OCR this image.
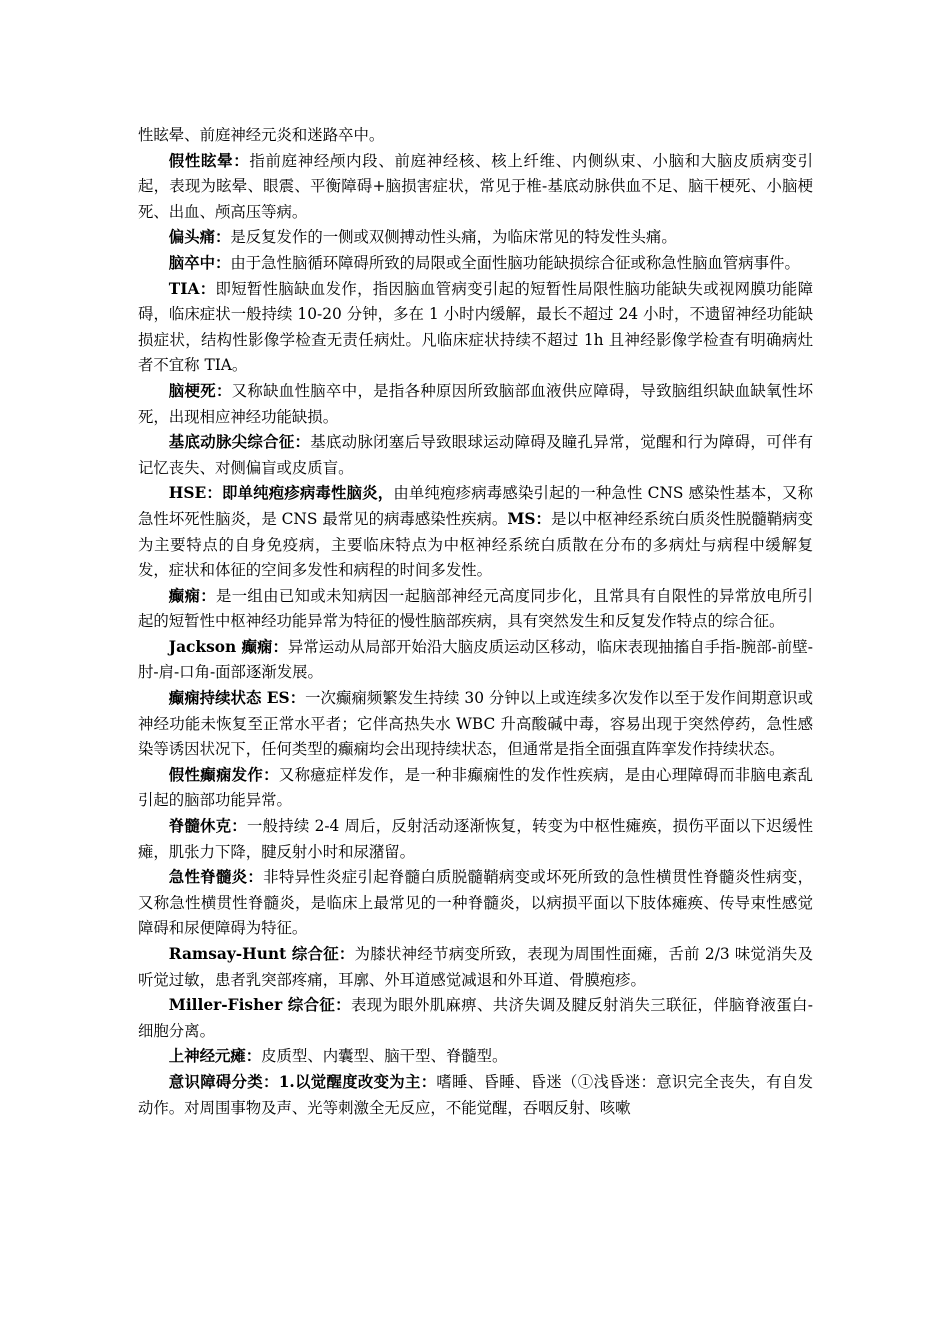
性眩晕、前庭神经元炎和迷路卒中。

假性眩晕：指前庭神经颅内段、前庭神经核、核上纤维、内侧纵束、小脑和大脑皮质病变引起，表现为眩晕、眼震、平衡障碍+脑损害症状，常见于椎-基底动脉供血不足、脑干梗死、小脑梗死、出血、颅高压等病。

偏头痛：是反复发作的一侧或双侧搏动性头痛，为临床常见的特发性头痛。

脑卒中：由于急性脑循环障碍所致的局限或全面性脑功能缺损综合征或称急性脑血管病事件。

TIA：即短暂性脑缺血发作，指因脑血管病变引起的短暂性局限性脑功能缺失或视网膜功能障碍，临床症状一般持续 10-20 分钟，多在 1 小时内缓解，最长不超过 24 小时，不遗留神经功能缺损症状，结构性影像学检查无责任病灶。凡临床症状持续不超过 1h 且神经影像学检查有明确病灶者不宜称 TIA。

脑梗死：又称缺血性脑卒中，是指各种原因所致脑部血液供应障碍，导致脑组织缺血缺氧性坏死，出现相应神经功能缺损。

基底动脉尖综合征：基底动脉闭塞后导致眼球运动障碍及瞳孔异常，觉醒和行为障碍，可伴有记忆丧失、对侧偏盲或皮质盲。

HSE：即单纯疱疹病毒性脑炎，由单纯疱疹病毒感染引起的一种急性 CNS 感染性基本，又称急性坏死性脑炎，是 CNS 最常见的病毒感染性疾病。MS：是以中枢神经系统白质炎性脱髓鞘病变为主要特点的自身免疫病，主要临床特点为中枢神经系统白质散在分布的多病灶与病程中缓解复发，症状和体征的空间多发性和病程的时间多发性。

癫痫：是一组由已知或未知病因一起脑部神经元高度同步化，且常具有自限性的异常放电所引起的短暂性中枢神经功能异常为特征的慢性脑部疾病，具有突然发生和反复发作特点的综合征。

Jackson 癫痫：异常运动从局部开始沿大脑皮质运动区移动，临床表现抽搐自手指-腕部-前壁-肘-肩-口角-面部逐渐发展。

癫痫持续状态 ES：一次癫痫频繁发生持续 30 分钟以上或连续多次发作以至于发作间期意识或神经功能未恢复至正常水平者；它伴高热失水 WBC 升高酸碱中毒，容易出现于突然停药，急性感染等诱因状况下，任何类型的癫痫均会出现持续状态，但通常是指全面强直阵挛发作持续状态。

假性癫痫发作：又称癔症样发作，是一种非癫痫性的发作性疾病，是由心理障碍而非脑电紊乱引起的脑部功能异常。

脊髓休克：一般持续 2-4 周后，反射活动逐渐恢复，转变为中枢性瘫痪，损伤平面以下迟缓性瘫，肌张力下降，腱反射小时和尿潴留。

急性脊髓炎：非特异性炎症引起脊髓白质脱髓鞘病变或坏死所致的急性横贯性脊髓炎性病变，又称急性横贯性脊髓炎，是临床上最常见的一种脊髓炎，以病损平面以下肢体瘫痪、传导束性感觉障碍和尿便障碍为特征。

Ramsay-Hunt 综合征：为膝状神经节病变所致，表现为周围性面瘫，舌前 2/3 味觉消失及听觉过敏，患者乳突部疼痛，耳廓、外耳道感觉减退和外耳道、骨膜疱疹。

Miller-Fisher 综合征：表现为眼外肌麻痹、共济失调及腱反射消失三联征，伴脑脊液蛋白-细胞分离。

上神经元瘫：皮质型、内囊型、脑干型、脊髓型。

意识障碍分类：1.以觉醒度改变为主：嗜睡、昏睡、昏迷（①浅昏迷：意识完全丧失，有自发动作。对周围事物及声、光等刺激全无反应，不能觉醒，吞咽反射、咳嗽
